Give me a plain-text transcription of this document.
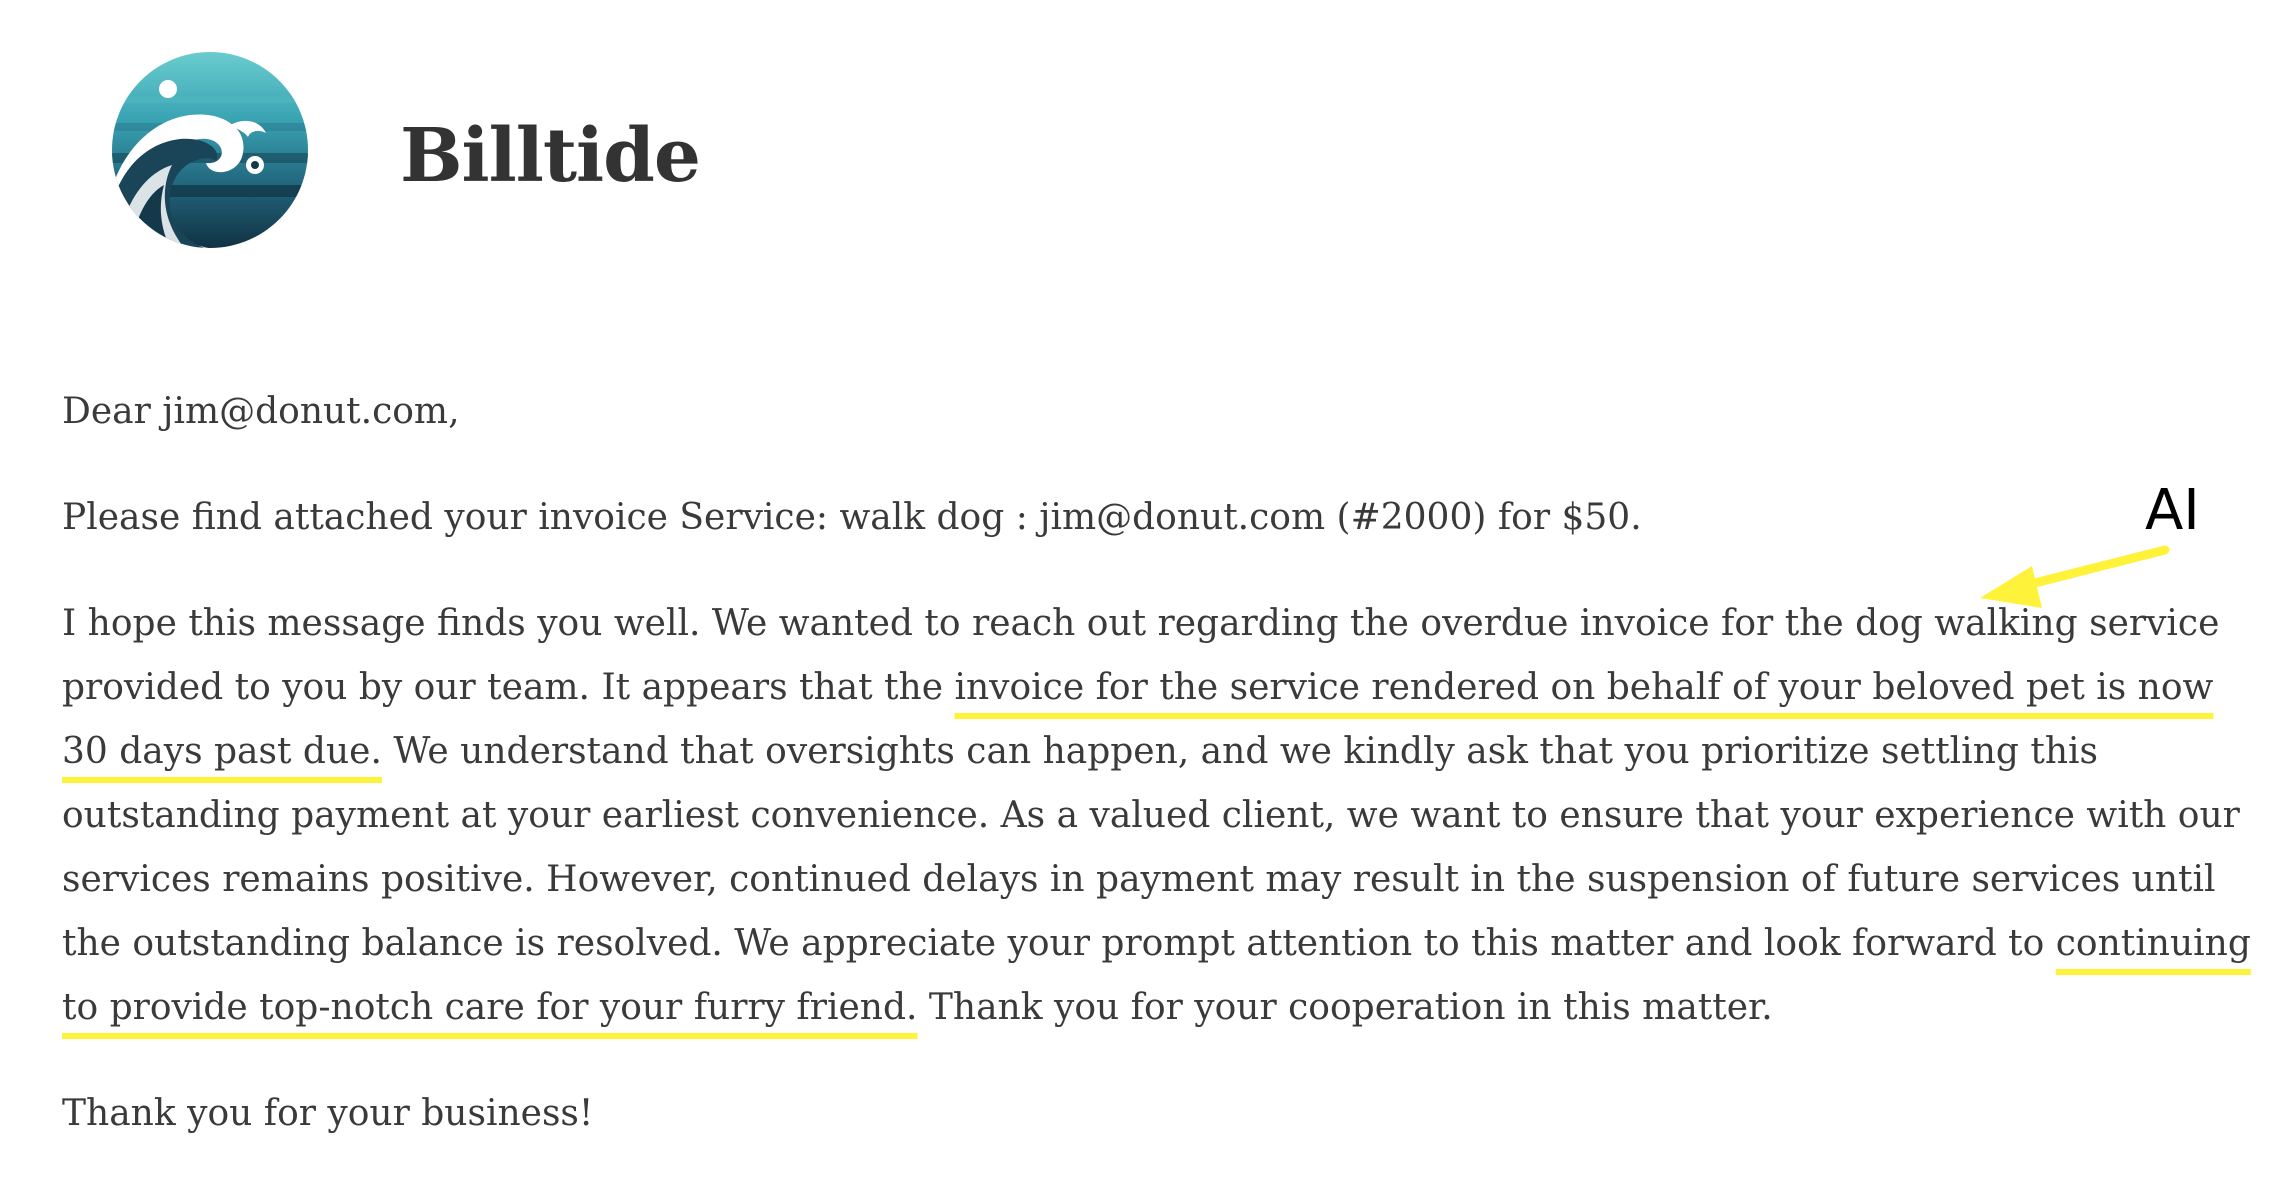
Billtide

Dear jim@donut.com,

Please find attached your invoice Service: walk dog : jim@donut.com (#2000) for $50.

I hope this message finds you well. We wanted to reach out regarding the overdue invoice for the dog walking service provided to you by our team. It appears that the invoice for the service rendered on behalf of your beloved pet is now 30 days past due. We understand that oversights can happen, and we kindly ask that you prioritize settling this outstanding payment at your earliest convenience. As a valued client, we want to ensure that your experience with our services remains positive. However, continued delays in payment may result in the suspension of future services until the outstanding balance is resolved. We appreciate your prompt attention to this matter and look forward to continuing to provide top-notch care for your furry friend. Thank you for your cooperation in this matter.

Thank you for your business!

AI
